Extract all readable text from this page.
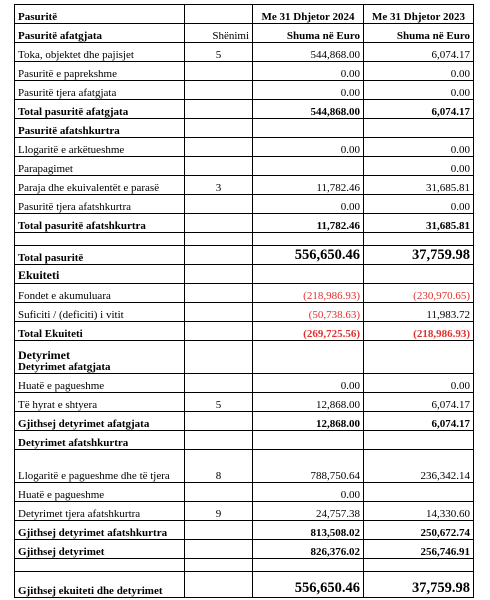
Pasuritë		Me 31 Dhjetor 2024	Me 31 Dhjetor 2023
Pasuritë afatgjata	Shënimi	Shuma në Euro	Shuma në Euro
Toka, objektet dhe pajisjet	5	544,868.00	6,074.17
Pasuritë e paprekshme		0.00	0.00
Pasuritë tjera afatgjata		0.00	0.00
Total pasuritë afatgjata		544,868.00	6,074.17
Pasuritë afatshkurtra			
Llogaritë e arkëtueshme		0.00	0.00
Parapagimet			0.00
Paraja dhe ekuivalentët e parasë	3	11,782.46	31,685.81
Pasuritë tjera afatshkurtra		0.00	0.00
Total pasuritë afatshkurtra		11,782.46	31,685.81

Total pasuritë		556,650.46	37,759.98
Ekuiteti			
Fondet e akumuluara		(218,986.93)	(230,970.65)
Suficiti / (deficiti) i vitit		(50,738.63)	11,983.72
Total Ekuiteti		(269,725.56)	(218,986.93)

Detyrimet
Detyrimet afatgjata			

Huatë e pagueshme		0.00	0.00
Të hyrat e shtyera	5	12,868.00	6,074.17
Gjithsej detyrimet afatgjata		12,868.00	6,074.17
Detyrimet afatshkurtra			
Llogaritë e pagueshme dhe të tjera	8	788,750.64	236,342.14
Huatë e pagueshme		0.00	
Detyrimet tjera afatshkurtra	9	24,757.38	14,330.60
Gjithsej detyrimet afatshkurtra		813,508.02	250,672.74
Gjithsej detyrimet		826,376.02	256,746.91

Gjithsej ekuiteti dhe detyrimet		556,650.46	37,759.98
